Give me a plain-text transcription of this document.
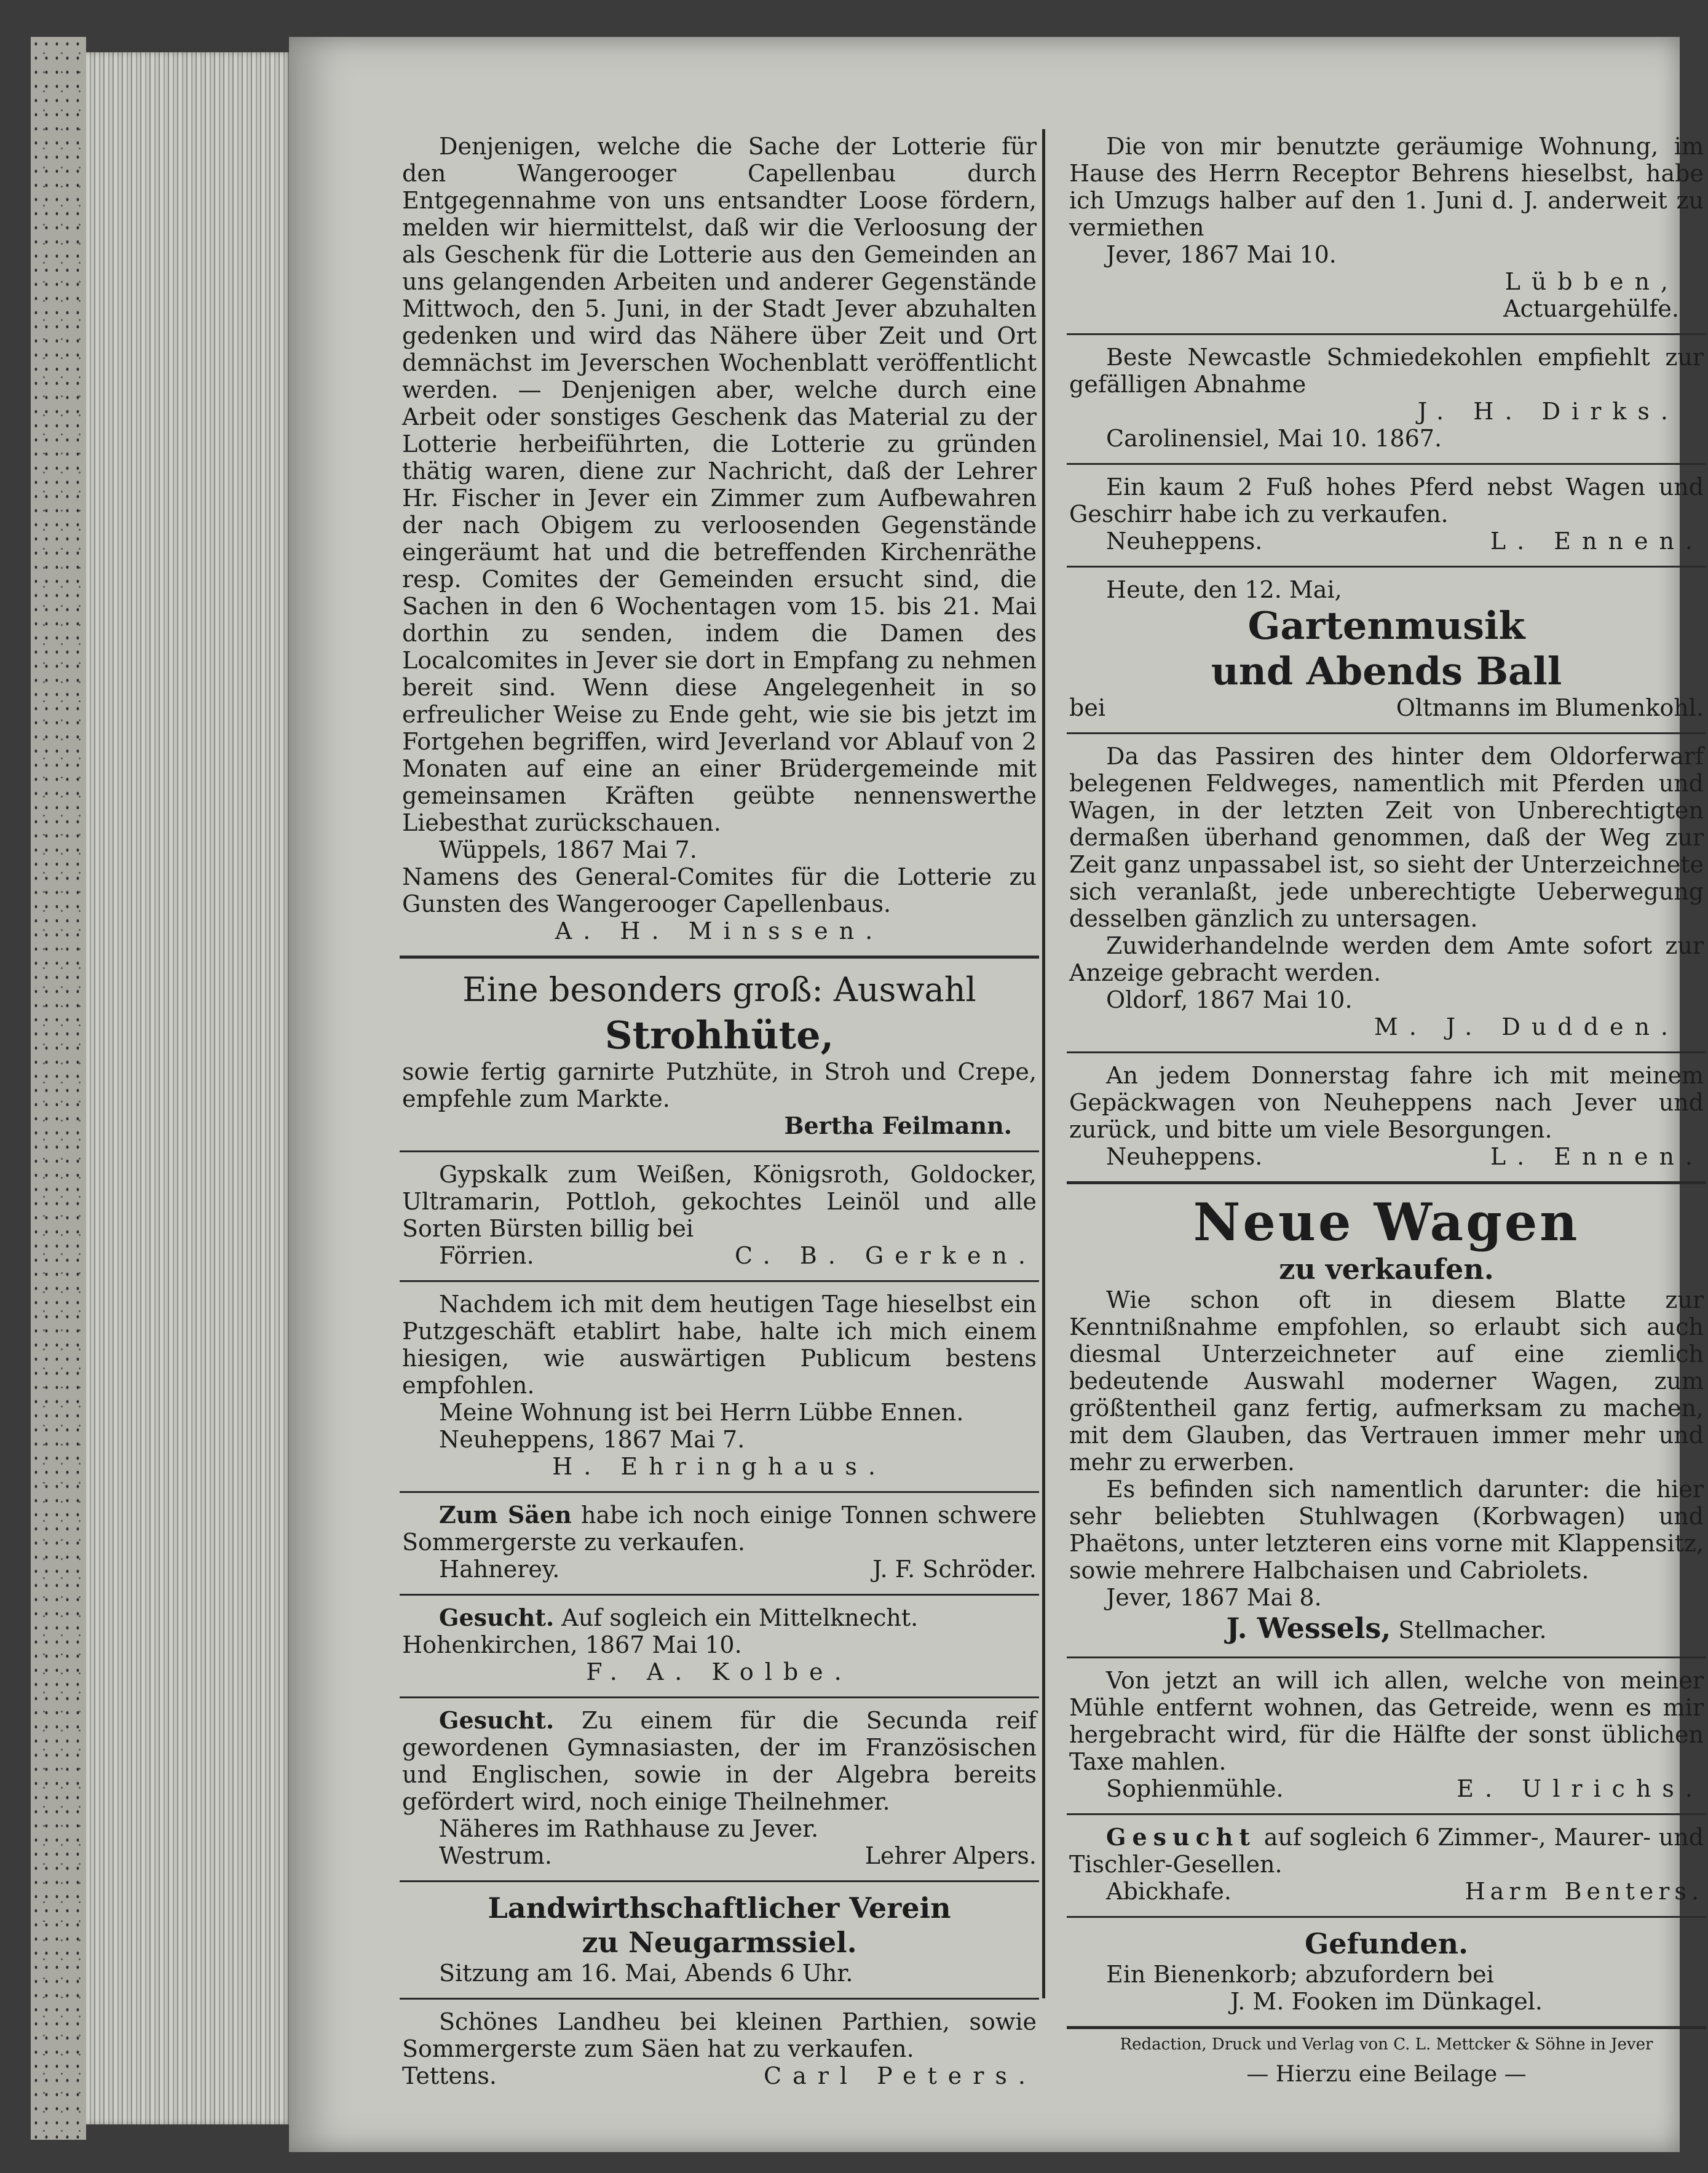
Denjenigen, welche die Sache der Lotterie für den Wangerooger Capellenbau durch Entgegennahme von uns entsandter Loose fördern, melden wir hiermittelst, daß wir die Verloosung der als Geschenk für die Lotterie aus den Gemeinden an uns gelangenden Arbeiten und anderer Gegenstände Mittwoch, den 5. Juni, in der Stadt Jever abzuhalten gedenken und wird das Nähere über Zeit und Ort demnächst im Jeverschen Wochenblatt veröffentlicht werden. — Denjenigen aber, welche durch eine Arbeit oder sonstiges Geschenk das Material zu der Lotterie herbeiführten, die Lotterie zu gründen thätig waren, diene zur Nachricht, daß der Lehrer Hr. Fischer in Jever ein Zimmer zum Aufbewahren der nach Obigem zu verloosenden Gegenstände eingeräumt hat und die betreffenden Kirchenräthe resp. Comites der Gemeinden ersucht sind, die Sachen in den 6 Wochentagen vom 15. bis 21. Mai dorthin zu senden, indem die Damen des Localcomites in Jever sie dort in Empfang zu nehmen bereit sind. Wenn diese Angelegenheit in so erfreulicher Weise zu Ende geht, wie sie bis jetzt im Fortgehen begriffen, wird Jeverland vor Ablauf von 2 Monaten auf eine an einer Brüdergemeinde mit gemeinsamen Kräften geübte nennenswerthe Liebesthat zurückschauen.

Wüppels, 1867 Mai 7.

Namens des General-Comites für die Lotterie zu Gunsten des Wangerooger Capellenbaus.

A. H. Minssen.
Eine besonders groß: Auswahl
Strohhüte,

sowie fertig garnirte Putzhüte, in Stroh und Crepe, empfehle zum Markte.

Bertha Feilmann.

Gypskalk zum Weißen, Königsroth, Goldocker, Ultramarin, Pottloh, gekochtes Leinöl und alle Sorten Bürsten billig bei

Förrien.	C. B. Gerken.

Nachdem ich mit dem heutigen Tage hieselbst ein Putzgeschäft etablirt habe, halte ich mich einem hiesigen, wie auswärtigen Publicum bestens empfohlen.

Meine Wohnung ist bei Herrn Lübbe Ennen.

Neuheppens, 1867 Mai 7.
H. Ehringhaus.

Zum Säen habe ich noch einige Tonnen schwere Sommergerste zu verkaufen.

Hahnerey.	J. F. Schröder.

Gesucht. Auf sogleich ein Mittelknecht.

Hohenkirchen, 1867 Mai 10.
F. A. Kolbe.

Gesucht. Zu einem für die Secunda reif gewordenen Gymnasiasten, der im Französischen und Englischen, sowie in der Algebra bereits gefördert wird, noch einige Theilnehmer.

Näheres im Rathhause zu Jever.

Westrum.	Lehrer Alpers.
Landwirthschaftlicher Verein
zu Neugarmssiel.

Sitzung am 16. Mai, Abends 6 Uhr.

Schönes Landheu bei kleinen Parthien, sowie Sommergerste zum Säen hat zu verkaufen.

Tettens.	Carl Peters.

Die von mir benutzte geräumige Wohnung, im Hause des Herrn Receptor Behrens hieselbst, habe ich Umzugs halber auf den 1. Juni d. J. anderweit zu vermiethen

Jever, 1867 Mai 10.
Lübben,
Actuargehülfe.

Beste Newcastle Schmiedekohlen empfiehlt zur gefälligen Abnahme

J. H. Dirks.
Carolinensiel, Mai 10. 1867.

Ein kaum 2 Fuß hohes Pferd nebst Wagen und Geschirr habe ich zu verkaufen.

Neuheppens.	L. Ennen.
Heute, den 12. Mai,
Gartenmusik
und Abends Ball
bei	Oltmanns im Blumenkohl.

Da das Passiren des hinter dem Oldorferwarf belegenen Feldweges, namentlich mit Pferden und Wagen, in der letzten Zeit von Unberechtigten dermaßen überhand genommen, daß der Weg zur Zeit ganz unpassabel ist, so sieht der Unterzeichnete sich veranlaßt, jede unberechtigte Ueberwegung desselben gänzlich zu untersagen.

Zuwiderhandelnde werden dem Amte sofort zur Anzeige gebracht werden.

Oldorf, 1867 Mai 10.
M. J. Dudden.

An jedem Donnerstag fahre ich mit meinem Gepäckwagen von Neuheppens nach Jever und zurück, und bitte um viele Besorgungen.

Neuheppens.	L. Ennen.
Neue Wagen
zu verkaufen.

Wie schon oft in diesem Blatte zur Kenntnißnahme empfohlen, so erlaubt sich auch diesmal Unterzeichneter auf eine ziemlich bedeutende Auswahl moderner Wagen, zum größtentheil ganz fertig, aufmerksam zu machen, mit dem Glauben, das Vertrauen immer mehr und mehr zu erwerben.

Es befinden sich namentlich darunter: die hier sehr beliebten Stuhlwagen (Korbwagen) und Phaëtons, unter letzteren eins vorne mit Klappensitz, sowie mehrere Halbchaisen und Cabriolets.

Jever, 1867 Mai 8.
J. Wessels, Stellmacher.

Von jetzt an will ich allen, welche von meiner Mühle entfernt wohnen, das Getreide, wenn es mir hergebracht wird, für die Hälfte der sonst üblichen Taxe mahlen.

Sophienmühle.	E. Ulrichs.

Gesucht auf sogleich 6 Zimmer-, Maurer- und Tischler-Gesellen.

Abickhafe.	Harm Benters.
Gefunden.

Ein Bienenkorb; abzufordern bei

J. M. Fooken im Dünkagel.
Redaction, Druck und Verlag von C. L. Mettcker & Söhne in Jever
— Hierzu eine Beilage —
